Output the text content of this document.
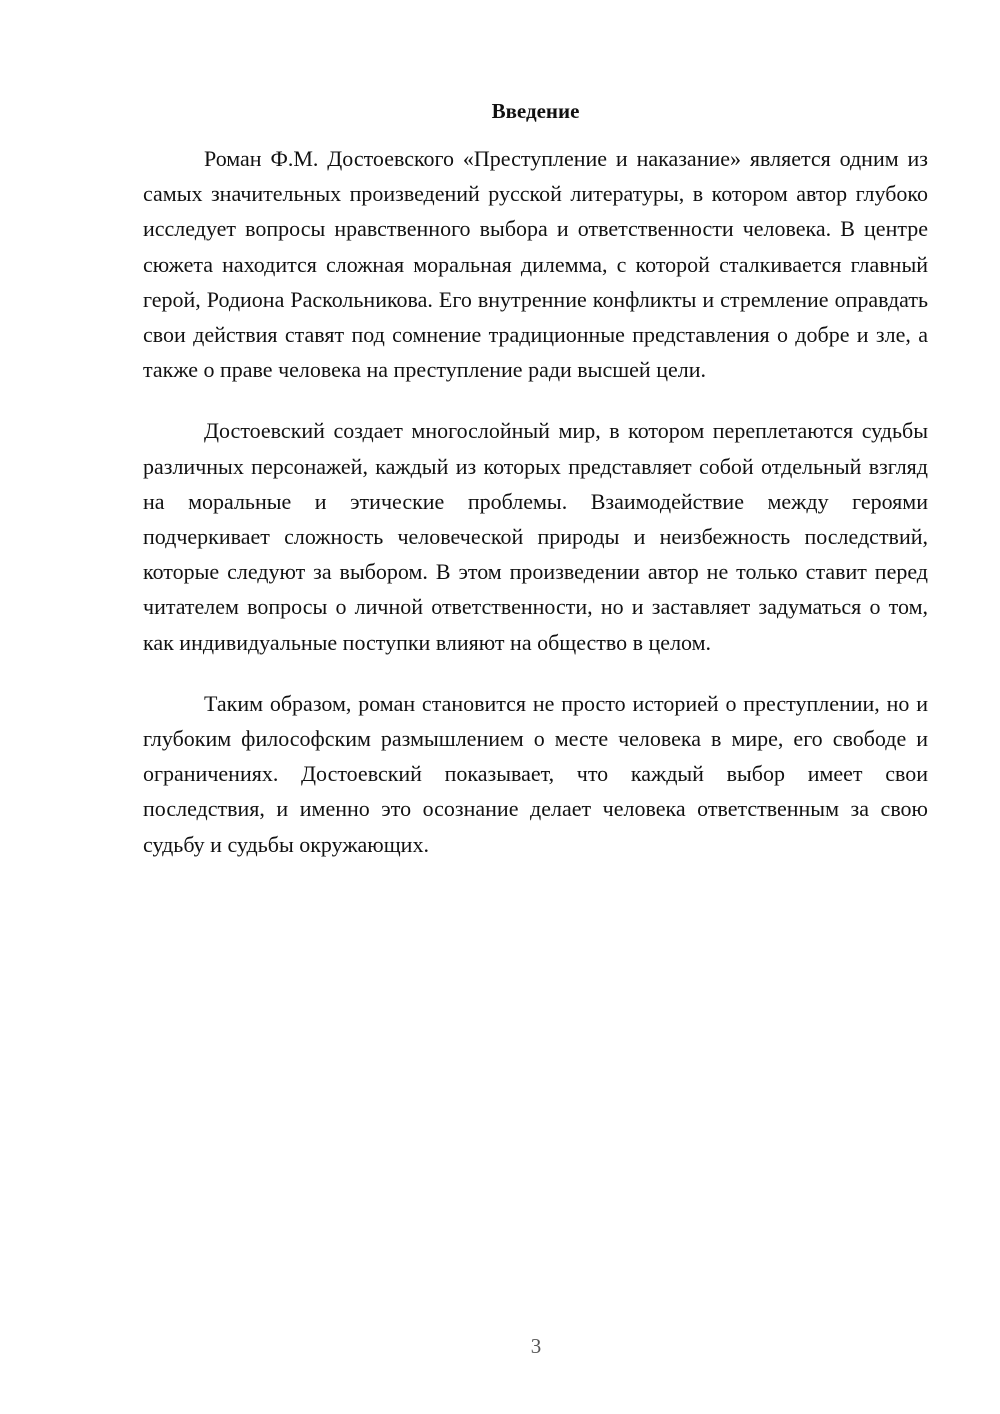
Введение

Роман Ф.М. Достоевского «Преступление и наказание» является одним из самых значительных произведений русской литературы, в котором автор глубоко исследует вопросы нравственного выбора и ответственности человека. В центре сюжета находится сложная моральная дилемма, с которой сталкивается главный герой, Родиона Раскольникова. Его внутренние конфликты и стремление оправдать свои действия ставят под сомнение традиционные представления о добре и зле, а также о праве человека на преступление ради высшей цели.

Достоевский создает многослойный мир, в котором переплетаются судьбы различных персонажей, каждый из которых представляет собой отдельный взгляд на моральные и этические проблемы. Взаимодействие между героями подчеркивает сложность человеческой природы и неизбежность последствий, которые следуют за выбором. В этом произведении автор не только ставит перед читателем вопросы о личной ответственности, но и заставляет задуматься о том, как индивидуальные поступки влияют на общество в целом.

Таким образом, роман становится не просто историей о преступлении, но и глубоким философским размышлением о месте человека в мире, его свободе и ограничениях. Достоевский показывает, что каждый выбор имеет свои последствия, и именно это осознание делает человека ответственным за свою судьбу и судьбы окружающих.

3
